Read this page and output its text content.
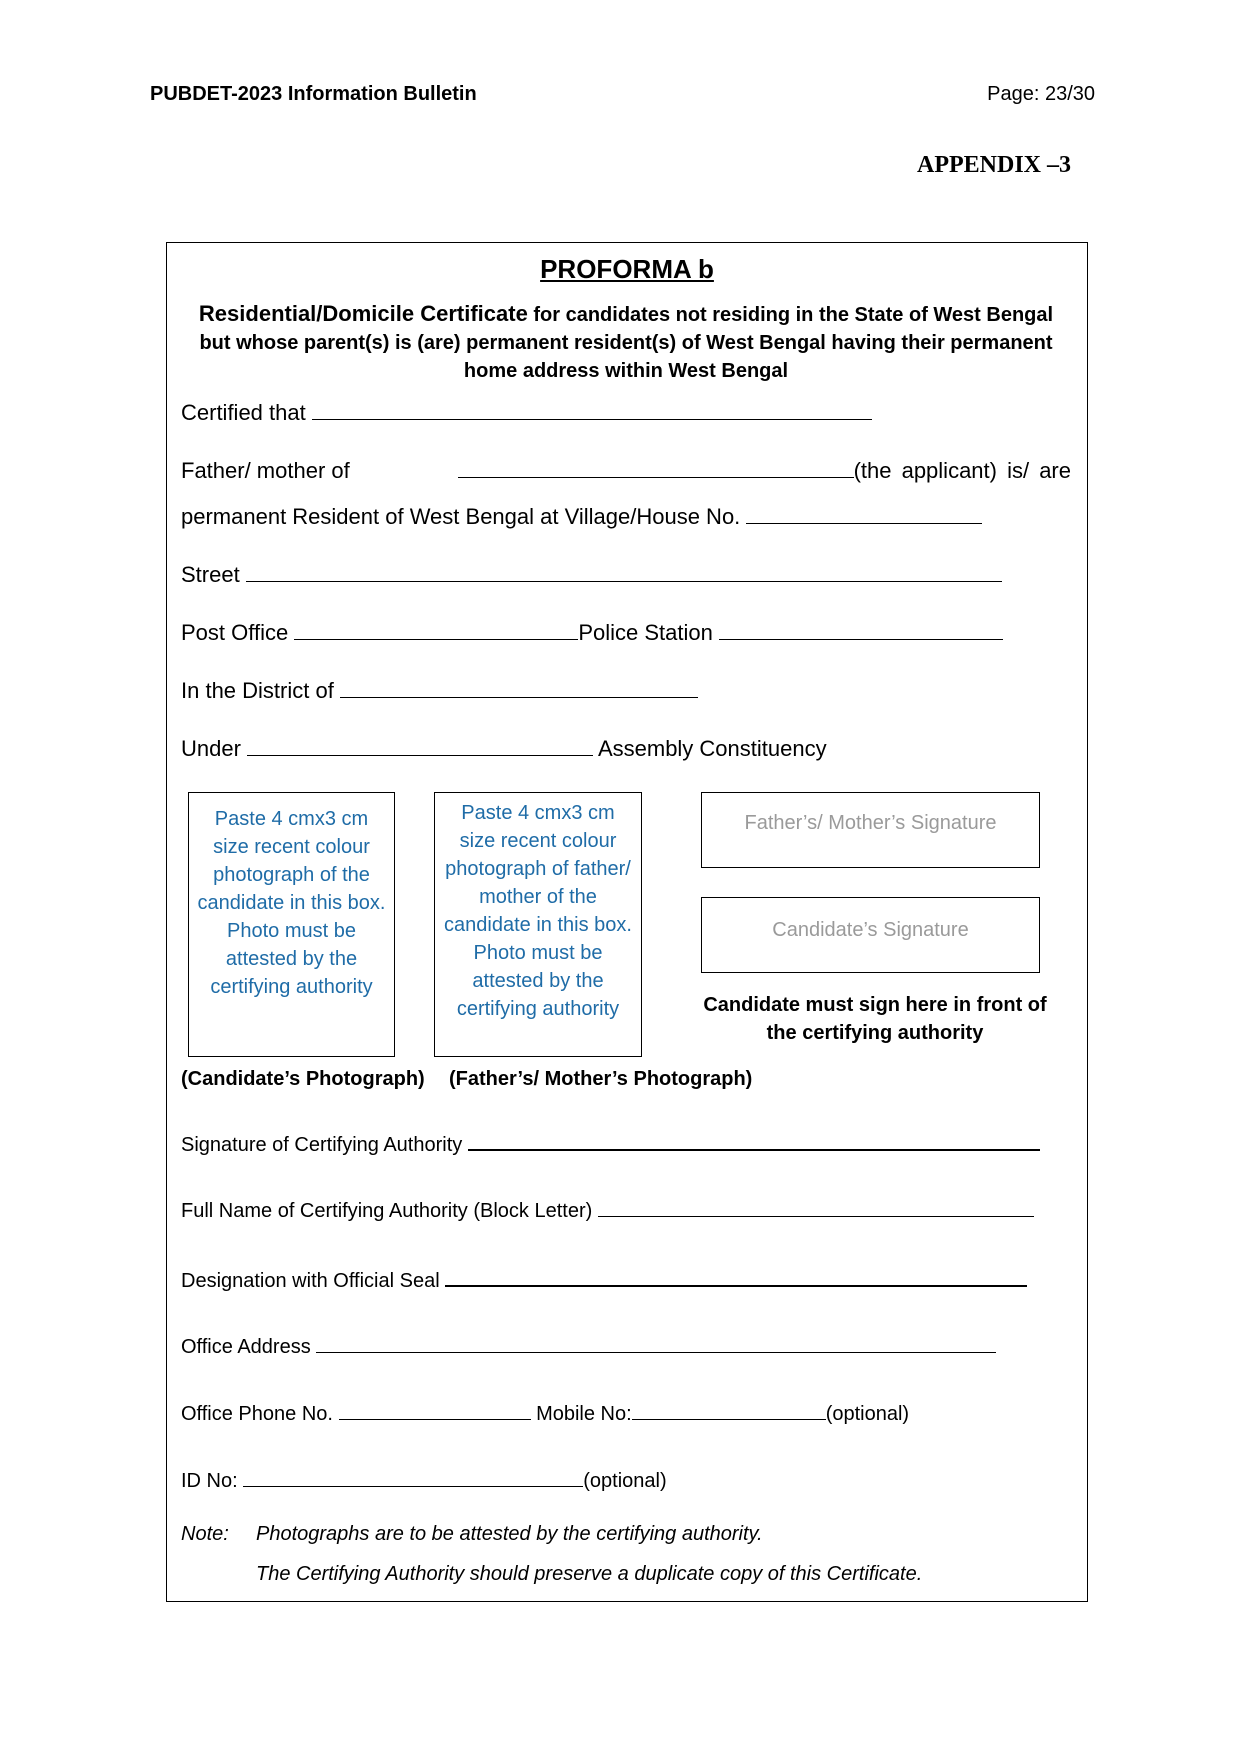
PUBDET-2023 Information Bulletin	Page: 23/30
APPENDIX –3
PROFORMA b
Residential/Domicile Certificate for candidates not residing in the State of West Bengal but whose parent(s) is (are) permanent resident(s) of West Bengal having their permanent home address within West Bengal
Certified that
Father/ mother of	(the applicant) is/ are
permanent Resident of West Bengal at Village/House No.
Street
Post Office	Police Station
In the District of
Under	Assembly Constituency
Paste 4 cmx3 cm size recent colour photograph of the candidate in this box. Photo must be attested by the certifying authority
Paste 4 cmx3 cm size recent colour photograph of father/ mother of the candidate in this box. Photo must be attested by the certifying authority
Father’s/ Mother’s Signature
Candidate’s Signature
Candidate must sign here in front of the certifying authority
(Candidate’s Photograph) (Father’s/ Mother’s Photograph)
Signature of Certifying Authority
Full Name of Certifying Authority (Block Letter)
Designation with Official Seal
Office Address
Office Phone No.	Mobile No:	(optional)
ID No:	(optional)
Note: Photographs are to be attested by the certifying authority.
The Certifying Authority should preserve a duplicate copy of this Certificate.
